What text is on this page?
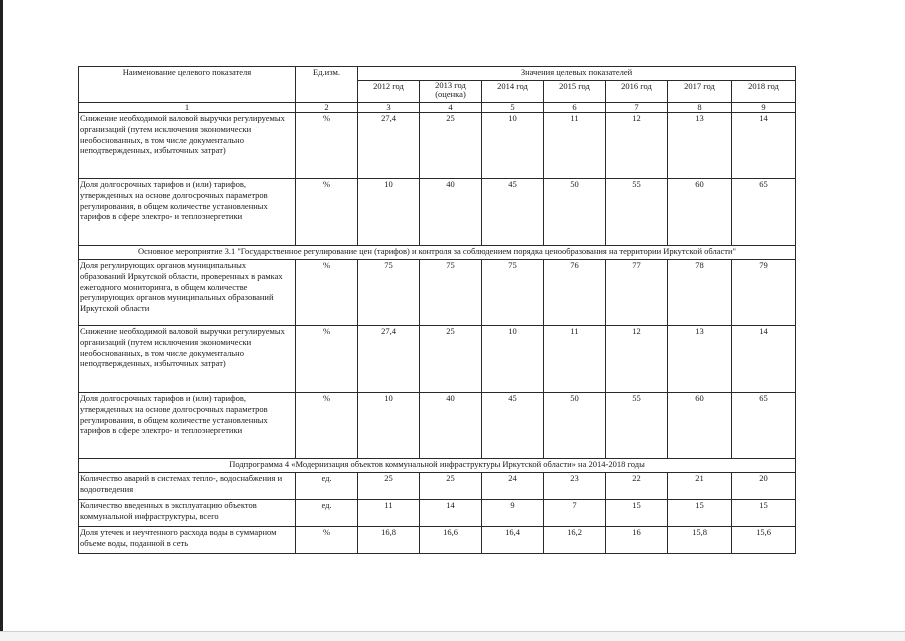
Наименование целевого показателя	Ед.изм.	Значения целевых показателей						
		2012 год	2013 год (оценка)	2014 год	2015 год	2016 год	2017 год	2018 год
1	2	3	4	5	6	7	8	9
Снижение необходимой валовой выручки регулируемых организаций (путем исключения экономически необоснованных, в том числе документально неподтвержденных, избыточных затрат)	%	27,4	25	10	11	12	13	14
Доля долгосрочных тарифов и (или) тарифов, утвержденных на основе долгосрочных параметров регулирования, в общем количестве установленных тарифов в сфере электро- и теплоэнергетики	%	10	40	45	50	55	60	65
Основное мероприятие 3.1 "Государственное регулирование цен (тарифов) и контроля за соблюдением порядка ценообразования на территории Иркутской области"								
Доля регулирующих органов муниципальных образований Иркутской области, проверенных в рамках ежегодного мониторинга, в общем количестве регулирующих органов муниципальных образований Иркутской области	%	75	75	75	76	77	78	79
Снижение необходимой валовой выручки регулируемых организаций (путем исключения экономически необоснованных, в том числе документально неподтвержденных, избыточных затрат)	%	27,4	25	10	11	12	13	14
Доля долгосрочных тарифов и (или) тарифов, утвержденных на основе долгосрочных параметров регулирования, в общем количестве установленных тарифов в сфере электро- и теплоэнергетики	%	10	40	45	50	55	60	65
Подпрограмма 4 «Модернизация объектов коммунальной инфраструктуры Иркутской области» на 2014-2018 годы								
Количество аварий в системах тепло-, водоснабжения и водоотведения	ед.	25	25	24	23	22	21	20
Количество введенных в эксплуатацию объектов коммунальной инфраструктуры, всего	ед.	11	14	9	7	15	15	15
Доля утечек и неучтенного расхода воды в суммарном объеме воды, поданной в сеть	%	16,8	16,6	16,4	16,2	16	15,8	15,6
